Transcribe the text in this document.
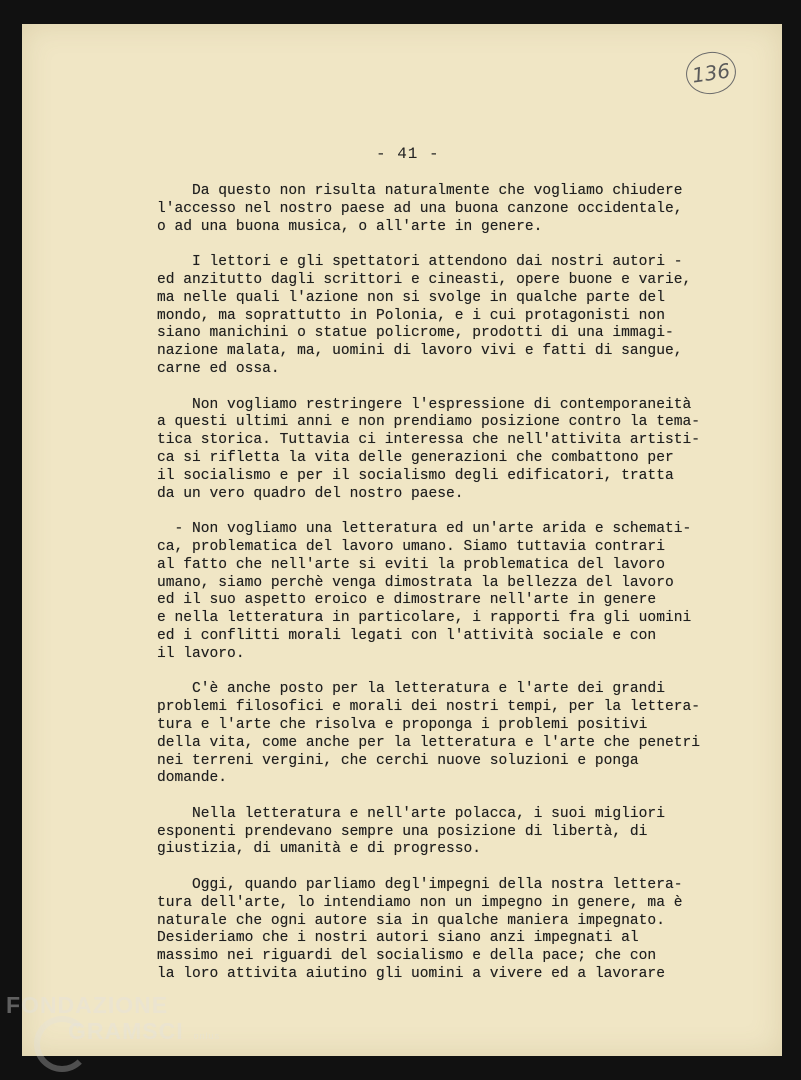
136
- 41 -
Da questo non risulta naturalmente che vogliamo chiudere
l'accesso nel nostro paese ad una buona canzone occidentale,
o ad una buona musica, o all'arte in genere.
I lettori e gli spettatori attendono dai nostri autori -
ed anzitutto dagli scrittori e cineasti, opere buone e varie,
ma nelle quali l'azione non si svolge in qualche parte del
mondo, ma soprattutto in Polonia, e i cui protagonisti non
siano manichini o statue policrome, prodotti di una immagi-
nazione malata, ma, uomini di lavoro vivi e fatti di sangue,
carne ed ossa.
Non vogliamo restringere l'espressione di contemporaneità
a questi ultimi anni e non prendiamo posizione contro la tema-
tica storica. Tuttavia ci interessa che nell'attivita artisti-
ca si rifletta la vita delle generazioni che combattono per
il socialismo e per il socialismo degli edificatori, tratta
da un vero quadro del nostro paese.
- Non vogliamo una letteratura ed un'arte arida e schemati-
ca, problematica del lavoro umano. Siamo tuttavia contrari
al fatto che nell'arte si eviti la problematica del lavoro
umano, siamo perchè venga dimostrata la bellezza del lavoro
ed il suo aspetto eroico e dimostrare nell'arte in genere
e nella letteratura in particolare, i rapporti fra gli uomini
ed i conflitti morali legati con l'attività sociale e con
il lavoro.
C'è anche posto per la letteratura e l'arte dei grandi
problemi filosofici e morali dei nostri tempi, per la lettera-
tura e l'arte che risolva e proponga i problemi positivi
della vita, come anche per la letteratura e l'arte che penetri
nei terreni vergini, che cerchi nuove soluzioni e ponga
domande.
Nella letteratura e nell'arte polacca, i suoi migliori
esponenti prendevano sempre una posizione di libertà, di
giustizia, di umanità e di progresso.
Oggi, quando parliamo degl'impegni della nostra lettera-
tura dell'arte, lo intendiamo non un impegno in genere, ma è
naturale che ogni autore sia in qualche maniera impegnato.
Desideriamo che i nostri autori siano anzi impegnati al
massimo nei riguardi del socialismo e della pace; che con
la loro attivita aiutino gli uomini a vivere ed a lavorare
FONDAZIONE
GRAMSCI onlus
